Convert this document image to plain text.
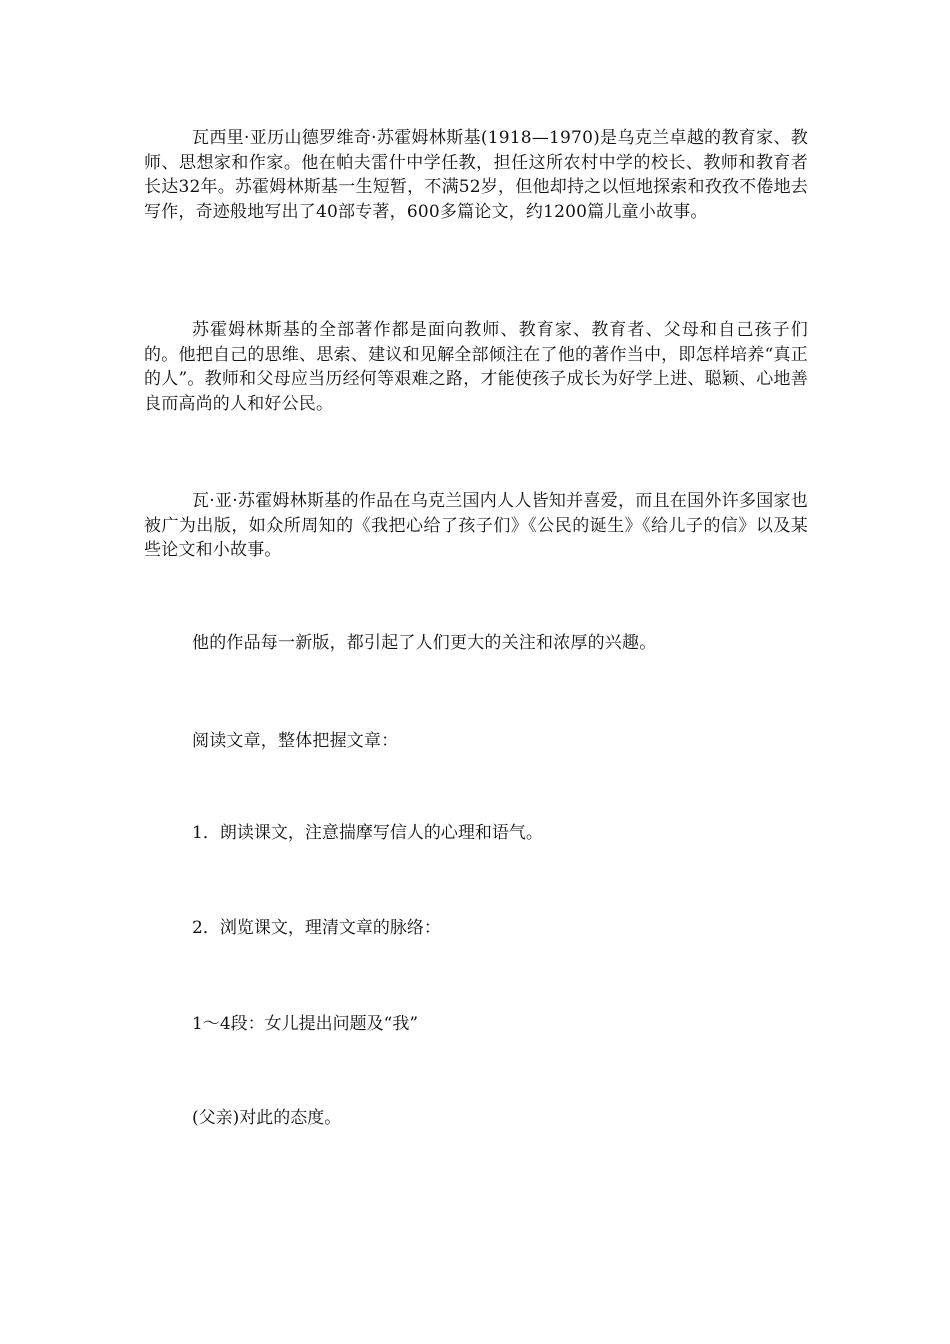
瓦西里·亚历山德罗维奇·苏霍姆林斯基(1918—1970)是乌克兰卓越的教育家、教师、思想家和作家。他在帕夫雷什中学任教，担任这所农村中学的校长、教师和教育者长达32年。苏霍姆林斯基一生短暂，不满52岁，但他却持之以恒地探索和孜孜不倦地去写作，奇迹般地写出了40部专著，600多篇论文，约1200篇儿童小故事。

苏霍姆林斯基的全部著作都是面向教师、教育家、教育者、父母和自己孩子们的。他把自己的思维、思索、建议和见解全部倾注在了他的著作当中，即怎样培养“真正的人”。教师和父母应当历经何等艰难之路，才能使孩子成长为好学上进、聪颖、心地善良而高尚的人和好公民。

瓦·亚·苏霍姆林斯基的作品在乌克兰国内人人皆知并喜爱，而且在国外许多国家也被广为出版，如众所周知的《我把心给了孩子们》《公民的诞生》《给儿子的信》以及某些论文和小故事。

他的作品每一新版，都引起了人们更大的关注和浓厚的兴趣。

阅读文章，整体把握文章：

1．朗读课文，注意揣摩写信人的心理和语气。

2．浏览课文，理清文章的脉络：

1～4段：女儿提出问题及“我”

(父亲)对此的态度。
